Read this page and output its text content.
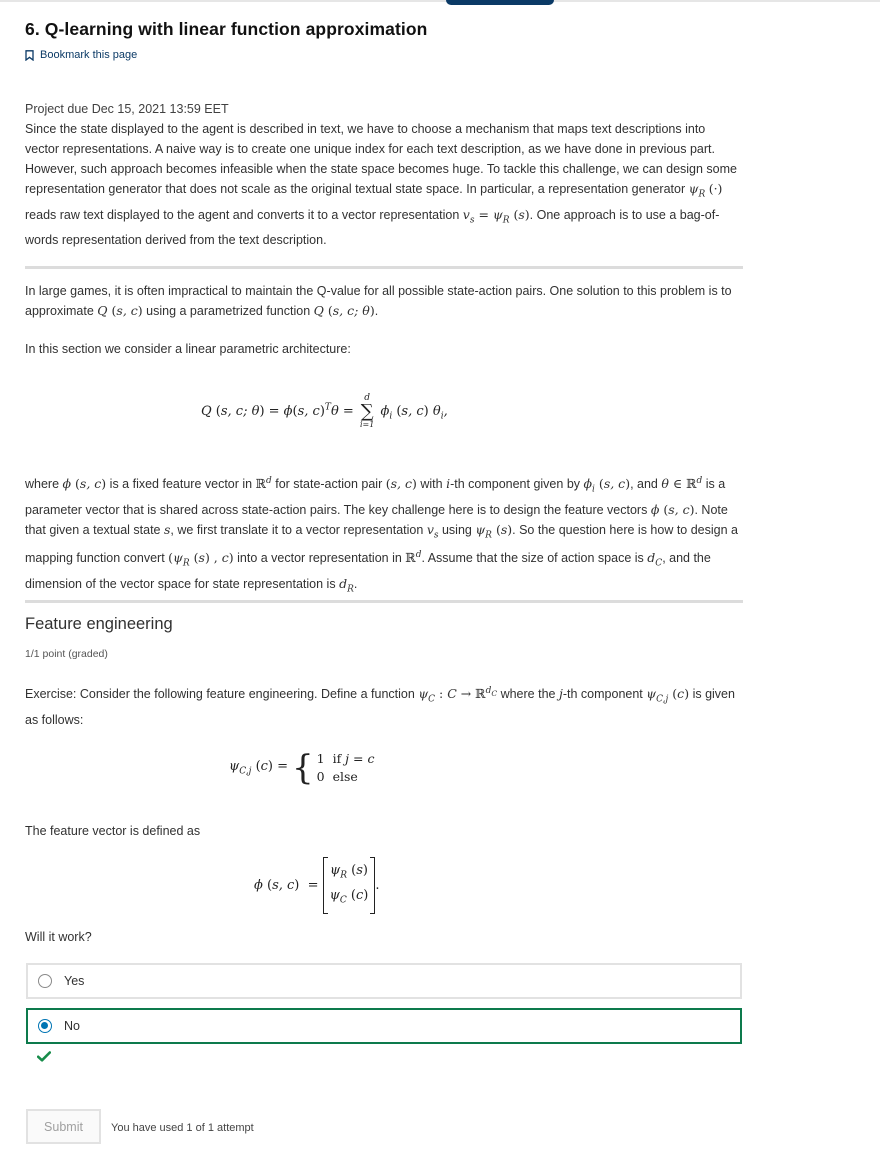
6. Q-learning with linear function approximation
Bookmark this page
Project due Dec 15, 2021 13:59 EET
Since the state displayed to the agent is described in text, we have to choose a mechanism that maps text descriptions into vector representations. A naive way is to create one unique index for each text description, as we have done in previous part. However, such approach becomes infeasible when the state space becomes huge. To tackle this challenge, we can design some representation generator that does not scale as the original textual state space. In particular, a representation generator $\psi_R$ (·) reads raw text displayed to the agent and converts it to a vector representation $v_s = \psi_R$ (s). One approach is to use a bag-of-words representation derived from the text description.
In large games, it is often impractical to maintain the Q-value for all possible state-action pairs. One solution to this problem is to approximate Q (s, c) using a parametrized function Q (s, c; θ).
In this section we consider a linear parametric architecture:
Q (s, c; θ) = ϕ(s, c)$^T$θ =
d
∑
i=1
$\phi_i$ (s, c) $\theta_i$,
where ϕ (s, c) is a fixed feature vector in ℝ$^d$ for state-action pair (s, c) with i-th component given by $\phi_i$ (s, c), and θ ∈ ℝ$^d$ is a parameter vector that is shared across state-action pairs. The key challenge here is to design the feature vectors ϕ (s, c). Note that given a textual state s, we first translate it to a vector representation $v_s$ using $\psi_R$ (s). So the question here is how to design a mapping function convert ($\psi_R$ (s) , c) into a vector representation in ℝ$^d$. Assume that the size of action space is $d_C$, and the dimension of the vector space for state representation is $d_R$.
Feature engineering
1/1 point (graded)
Exercise: Consider the following feature engineering. Define a function $\psi_C$ : C → ℝ$^{d_C}$ where the j-th component $\psi_{C,j}$ (c) is given as follows:
$\psi_{C,j}$ (c) = { 1 if j = c
0 else
The feature vector is defined as
ϕ (s, c)  =
$\psi_R$ (s)
$\psi_C$ (c)
.
Will it work?
Yes
No
Submit	You have used 1 of 1 attempt
